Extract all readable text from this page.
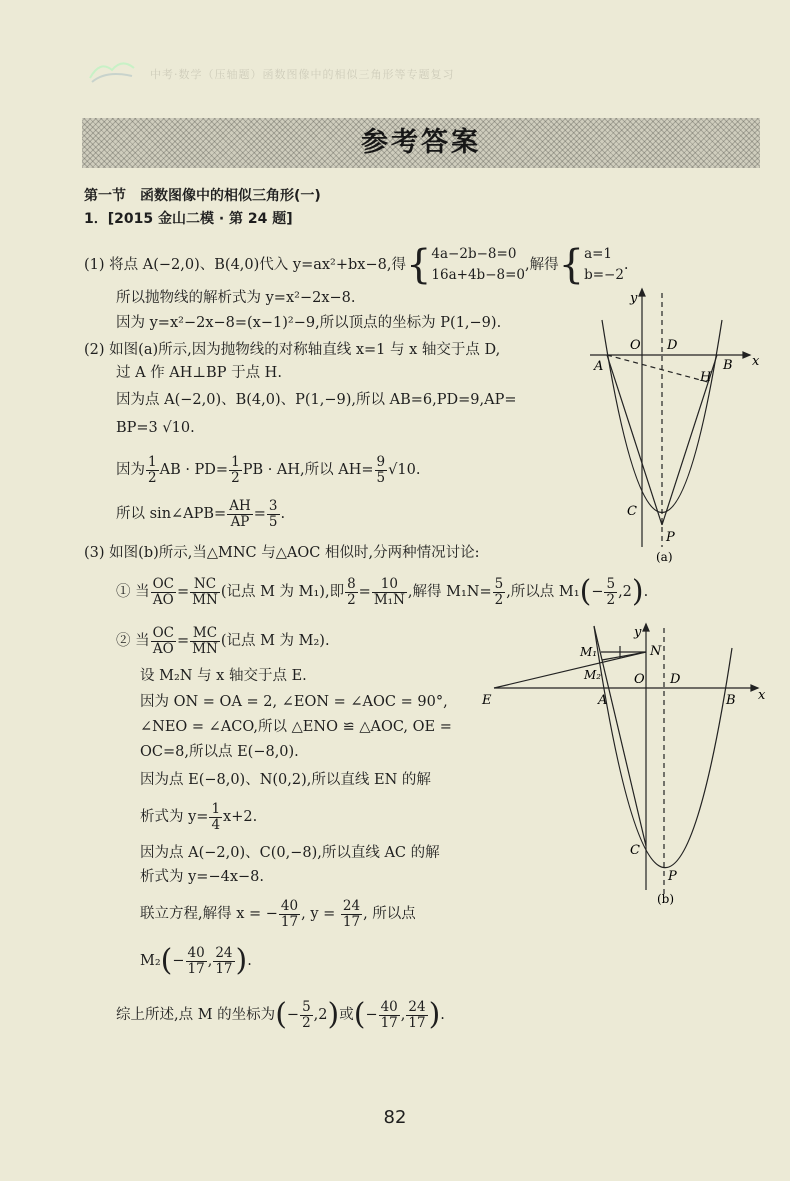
中考·数学（压轴题）函数图像中的相似三角形等专题复习
参考答案
第一节　函数图像中的相似三角形(一)
1．[2015 金山二模 · 第 24 题]
(1) 将点 A(−2,0)、B(4,0)代入 y=ax²+bx−8,得{ 4a−2b−8=0
16a+4b−8=0
,解得{ a=1
b=−2
.
所以抛物线的解析式为 y=x²−2x−8.
因为 y=x²−2x−8=(x−1)²−9,所以顶点的坐标为 P(1,−9).
(2) 如图(a)所示,因为抛物线的对称轴直线 x=1 与 x 轴交于点 D,
过 A 作 AH⊥BP 于点 H.
因为点 A(−2,0)、B(4,0)、P(1,−9),所以 AB=6,PD=9,AP=
BP=3 √10.
因为 $\frac{1}{2}$ AB · $PD= \frac{1}{2}$ PB · AH,所以 $AH= \frac{9}{5} √10$.
所以 sin∠APB= $\frac{AH}{AP} = \frac{3}{5}$ .
(3) 如图(b)所示,当△MNC 与△AOC 相似时,分两种情况讨论:
① 当 $\frac{OC}{AO} = \frac{NC}{MN}$ (记点 M 为 M₁),即 $\frac{8}{2} = \frac{10}{\text{M₁N}}$ ,解得 $M_1N= \frac{5}{2}$ ,所以点 $M_1(- \frac{5}{2} ,2)$.
② 当 $\frac{OC}{AO} = \frac{MC}{MN}$ (记点 M 为 M₂).
设 M₂N 与 x 轴交于点 E.
因为 ON = OA = 2, ∠EON = ∠AOC = 90°,
∠NEO = ∠ACO,所以 △ENO ≌ △AOC, OE =
OC=8,所以点 E(−8,0).
因为点 E(−8,0)、N(0,2),所以直线 EN 的解
析式为 $y= \frac{1}{4} x+2$.
因为点 A(−2,0)、C(0,−8),所以直线 AC 的解
析式为 y=−4x−8.
联立方程,解得 x = − $\frac{40}{17}$ , $y = \frac{24}{17}$ , 所以点
$M_2(- \frac{40}{17}$ , $\frac{24}{17}$ ).
综上所述,点 M 的坐标为(− $\frac{5}{2} ,2$)或(− $\frac{40}{17}$ , $\frac{24}{17}$ ).
y
x
O D
A	B
H
C
P
(a)
y
x
O D
A	B
E
N
M₁
M₂
C
P
(b)
82
